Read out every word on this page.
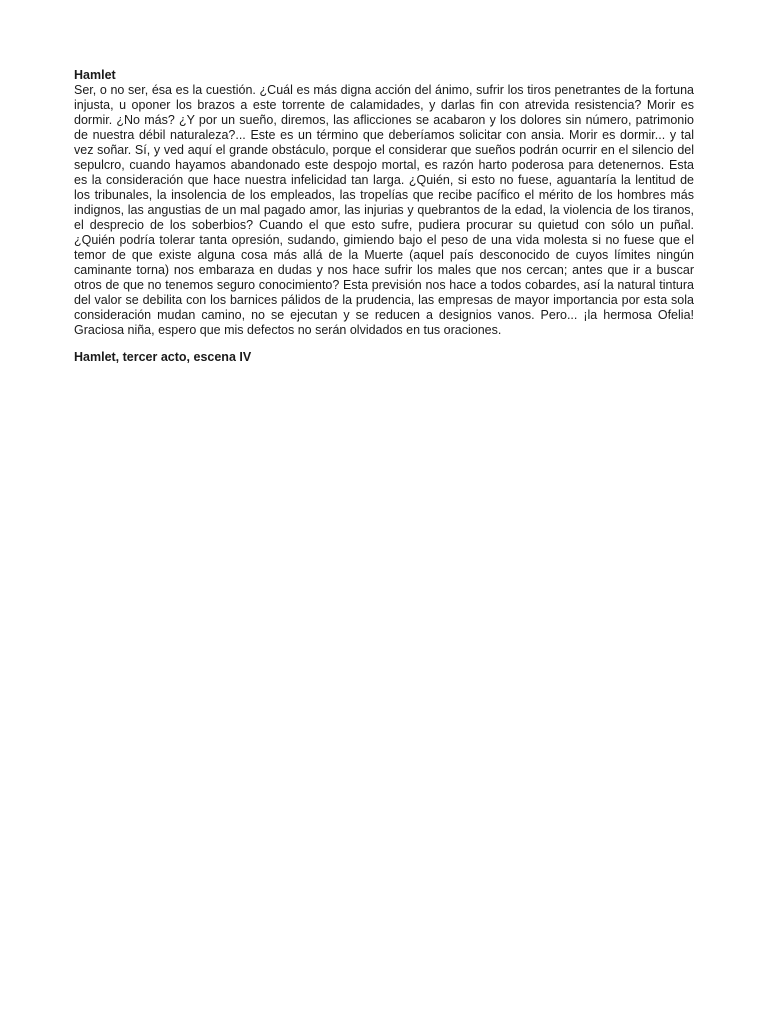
Hamlet

Ser, o no ser, ésa es la cuestión. ¿Cuál es más digna acción del ánimo, sufrir los tiros penetrantes de la fortuna injusta, u oponer los brazos a este torrente de calamidades, y darlas fin con atrevida resistencia? Morir es dormir. ¿No más? ¿Y por un sueño, diremos, las aflicciones se acabaron y los dolores sin número, patrimonio de nuestra débil naturaleza?... Este es un término que deberíamos solicitar con ansia. Morir es dormir... y tal vez soñar. Sí, y ved aquí el grande obstáculo, porque el considerar que sueños podrán ocurrir en el silencio del sepulcro, cuando hayamos abandonado este despojo mortal, es razón harto poderosa para detenernos. Esta es la consideración que hace nuestra infelicidad tan larga. ¿Quién, si esto no fuese, aguantaría la lentitud de los tribunales, la insolencia de los empleados, las tropelías que recibe pacífico el mérito de los hombres más indignos, las angustias de un mal pagado amor, las injurias y quebrantos de la edad, la violencia de los tiranos, el desprecio de los soberbios? Cuando el que esto sufre, pudiera procurar su quietud con sólo un puñal. ¿Quién podría tolerar tanta opresión, sudando, gimiendo bajo el peso de una vida molesta si no fuese que el temor de que existe alguna cosa más allá de la Muerte (aquel país desconocido de cuyos límites ningún caminante torna) nos embaraza en dudas y nos hace sufrir los males que nos cercan; antes que ir a buscar otros de que no tenemos seguro conocimiento? Esta previsión nos hace a todos cobardes, así la natural tintura del valor se debilita con los barnices pálidos de la prudencia, las empresas de mayor importancia por esta sola consideración mudan camino, no se ejecutan y se reducen a designios vanos. Pero... ¡la hermosa Ofelia! Graciosa niña, espero que mis defectos no serán olvidados en tus oraciones.

Hamlet, tercer acto, escena IV
